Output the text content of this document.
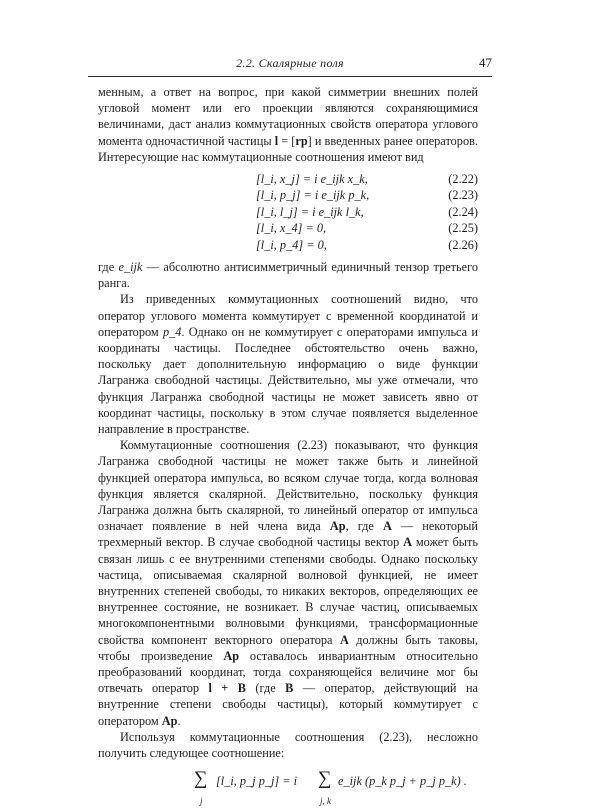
2.2. Скалярные поля	47

менным, а ответ на вопрос, при какой симметрии внешних полей угловой момент или его проекции являются сохраняющимися величинами, даст анализ коммутационных свойств оператора углового момента одночастичной частицы l = [rp] и введенных ранее операторов. Интересующие нас коммутационные соотношения имеют вид

[l_i, x_j] = i e_ijk x_k,	(2.22)
[l_i, p_j] = i e_ijk p_k,	(2.23)
[l_i, l_j] = i e_ijk l_k,	(2.24)
[l_i, x_4] = 0,	(2.25)
[l_i, p_4] = 0,	(2.26)

где e_ijk — абсолютно антисимметричный единичный тензор третьего ранга.

Из приведенных коммутационных соотношений видно, что оператор углового момента коммутирует с временной координатой и оператором p_4. Однако он не коммутирует с операторами импульса и координаты частицы. Последнее обстоятельство очень важно, поскольку дает дополнительную информацию о виде функции Лагранжа свободной частицы. Действительно, мы уже отмечали, что функция Лагранжа свободной частицы не может зависеть явно от координат частицы, поскольку в этом случае появляется выделенное направление в пространстве.

Коммутационные соотношения (2.23) показывают, что функция Лагранжа свободной частицы не может также быть и линейной функцией оператора импульса, во всяком случае тогда, когда волновая функция является скалярной. Действительно, поскольку функция Лагранжа должна быть скалярной, то линейный оператор от импульса означает появление в ней члена вида Ap, где A — некоторый трехмерный вектор. В случае свободной частицы вектор A может быть связан лишь с ее внутренними степенями свободы. Однако поскольку частица, описываемая скалярной волновой функцией, не имеет внутренних степеней свободы, то никаких векторов, определяющих ее внутреннее состояние, не возникает. В случае частиц, описываемых многокомпонентными волновыми функциями, трансформационные свойства компонент векторного оператора A должны быть таковы, чтобы произведение Ap оставалось инвариантным относительно преобразований координат, тогда сохраняющейся величине мог бы отвечать оператор l + B (где B — оператор, действующий на внутренние степени свободы частицы), который коммутирует с оператором Ap.

Используя коммутационные соотношения (2.23), несложно получить следующее соотношение:

∑
j
[l_i, p_j p_j] = i ∑
j, k
e_ijk (p_k p_j + p_j p_k) .
